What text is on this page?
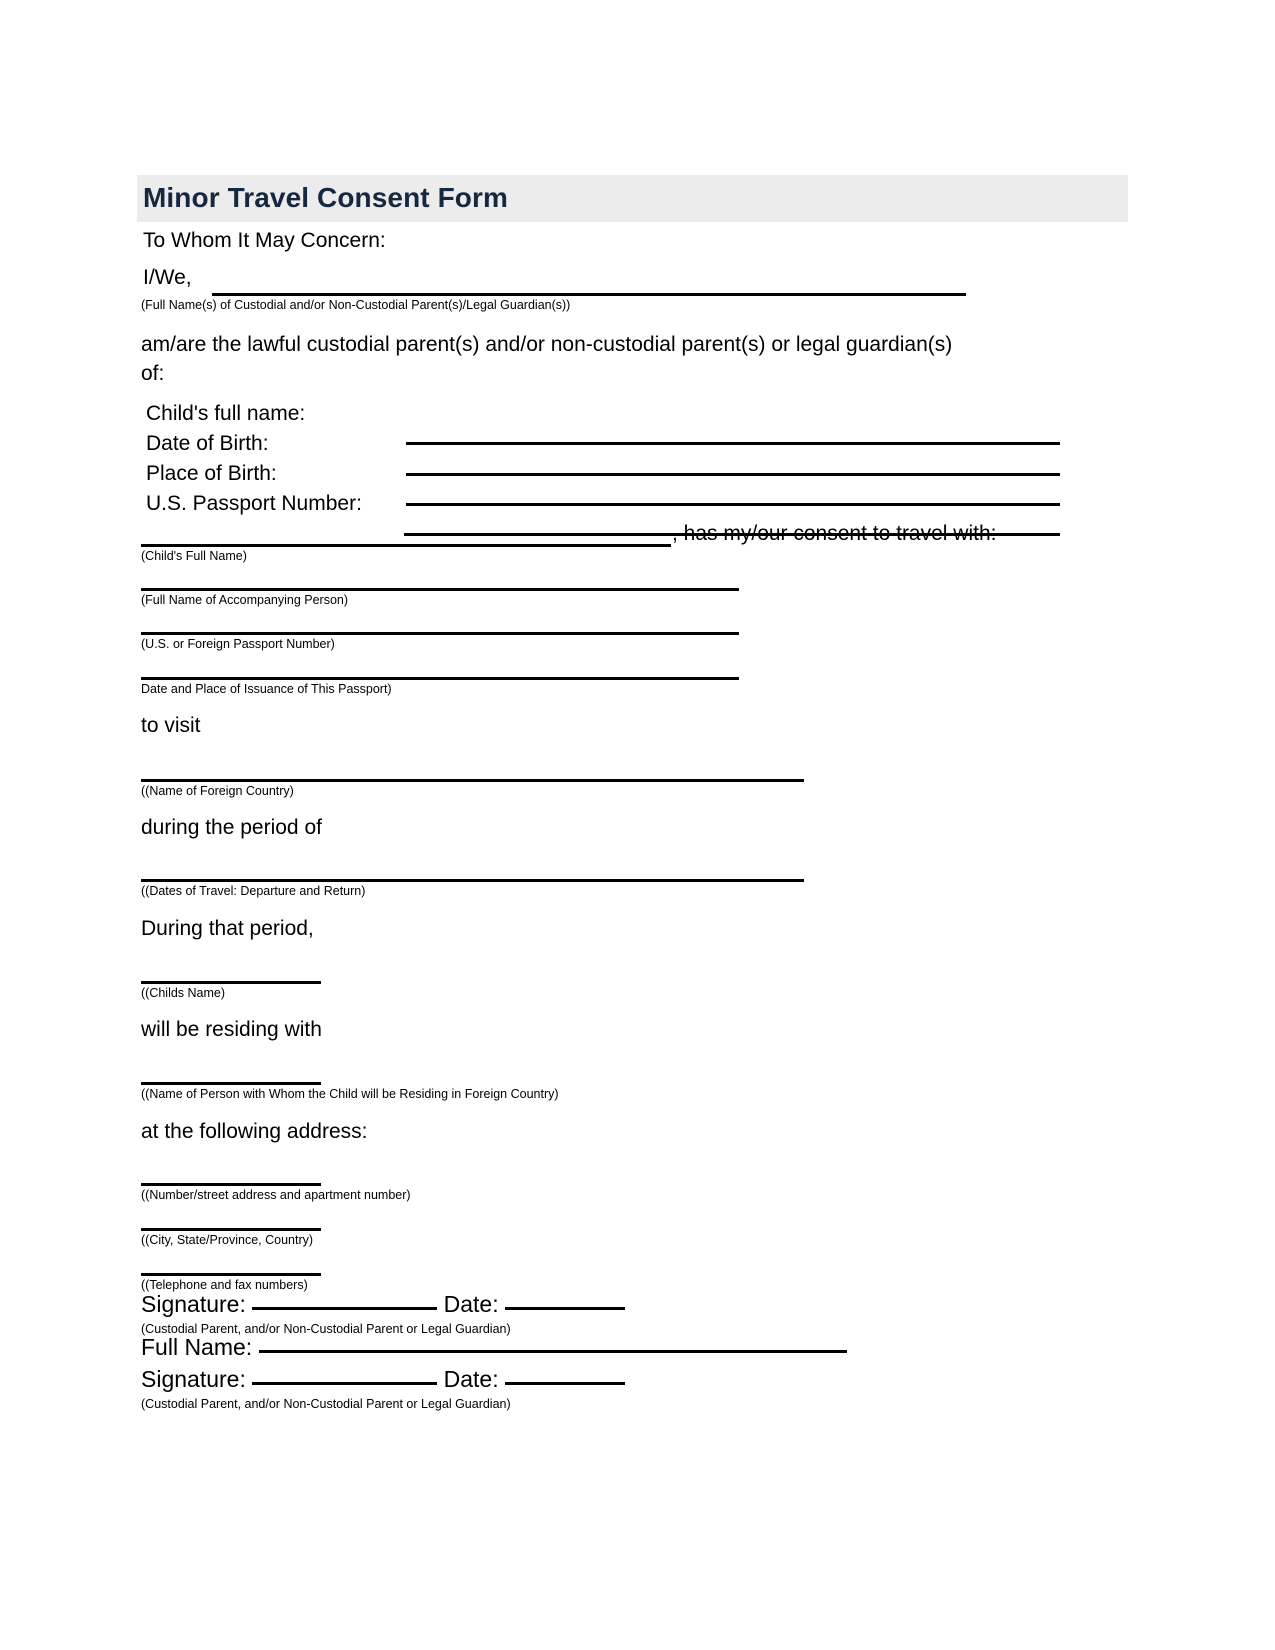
Minor Travel Consent Form
To Whom It May Concern:
I/We,
(Full Name(s) of Custodial and/or Non-Custodial Parent(s)/Legal Guardian(s))
am/are the lawful custodial parent(s) and/or non-custodial parent(s) or legal guardian(s)
of:
Child's full name:
Date of Birth:
Place of Birth:
U.S. Passport Number:
, has my/our consent to travel with:
(Child's Full Name)
(Full Name of Accompanying Person)
(U.S. or Foreign Passport Number)
Date and Place of Issuance of This Passport)
to visit
((Name of Foreign Country)
during the period of
((Dates of Travel: Departure and Return)
During that period,
((Childs Name)
will be residing with
((Name of Person with Whom the Child will be Residing in Foreign Country)
at the following address:
((Number/street address and apartment number)
((City, State/Province, Country)
((Telephone and fax numbers)
Signature:	Date:
(Custodial Parent, and/or Non-Custodial Parent or Legal Guardian)
Full Name:
Signature:	Date:
(Custodial Parent, and/or Non-Custodial Parent or Legal Guardian)
